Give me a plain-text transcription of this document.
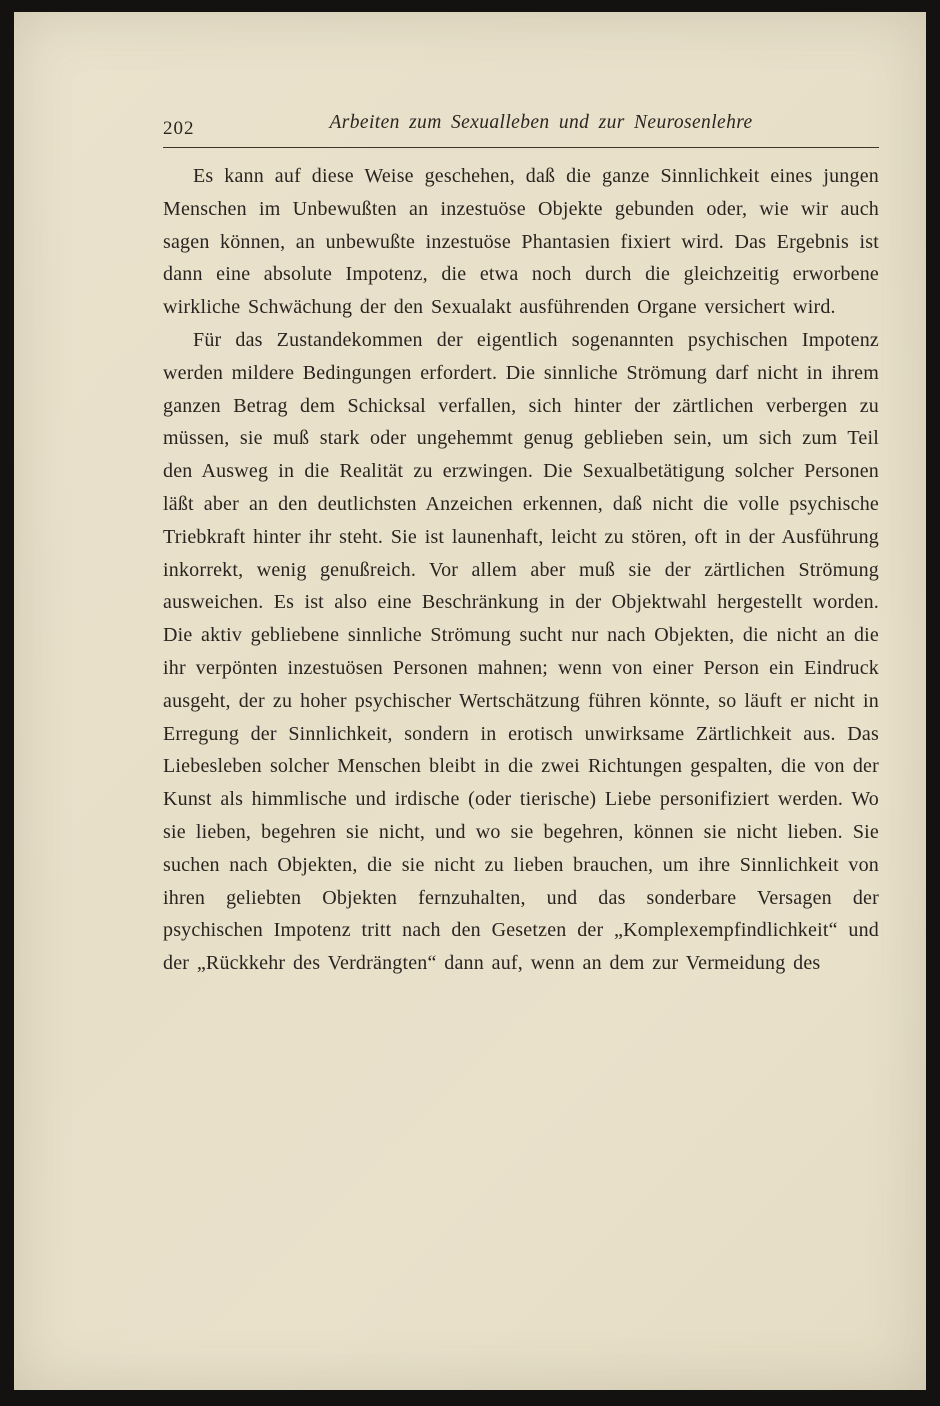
202	Arbeiten zum Sexualleben und zur Neurosenlehre

Es kann auf diese Weise geschehen, daß die ganze Sinnlichkeit eines jungen Menschen im Unbewußten an inzestuöse Objekte gebunden oder, wie wir auch sagen können, an unbewußte inzestuöse Phantasien fixiert wird. Das Ergebnis ist dann eine absolute Impotenz, die etwa noch durch die gleichzeitig erworbene wirkliche Schwächung der den Sexualakt ausführenden Organe versichert wird.

Für das Zustandekommen der eigentlich sogenannten psychischen Impotenz werden mildere Bedingungen erfordert. Die sinnliche Strömung darf nicht in ihrem ganzen Betrag dem Schicksal verfallen, sich hinter der zärtlichen verbergen zu müssen, sie muß stark oder ungehemmt genug geblieben sein, um sich zum Teil den Ausweg in die Realität zu erzwingen. Die Sexualbetätigung solcher Personen läßt aber an den deutlichsten Anzeichen erkennen, daß nicht die volle psychische Triebkraft hinter ihr steht. Sie ist launenhaft, leicht zu stören, oft in der Ausführung inkorrekt, wenig genußreich. Vor allem aber muß sie der zärtlichen Strömung ausweichen. Es ist also eine Beschränkung in der Objektwahl hergestellt worden. Die aktiv gebliebene sinnliche Strömung sucht nur nach Objekten, die nicht an die ihr verpönten inzestuösen Personen mahnen; wenn von einer Person ein Eindruck ausgeht, der zu hoher psychischer Wertschätzung führen könnte, so läuft er nicht in Erregung der Sinnlichkeit, sondern in erotisch unwirksame Zärtlichkeit aus. Das Liebesleben solcher Menschen bleibt in die zwei Richtungen gespalten, die von der Kunst als himmlische und irdische (oder tierische) Liebe personifiziert werden. Wo sie lieben, begehren sie nicht, und wo sie begehren, können sie nicht lieben. Sie suchen nach Objekten, die sie nicht zu lieben brauchen, um ihre Sinnlichkeit von ihren geliebten Objekten fernzuhalten, und das sonderbare Versagen der psychischen Impotenz tritt nach den Gesetzen der „Komplexempfindlichkeit“ und der „Rückkehr des Verdrängten“ dann auf, wenn an dem zur Vermeidung des
